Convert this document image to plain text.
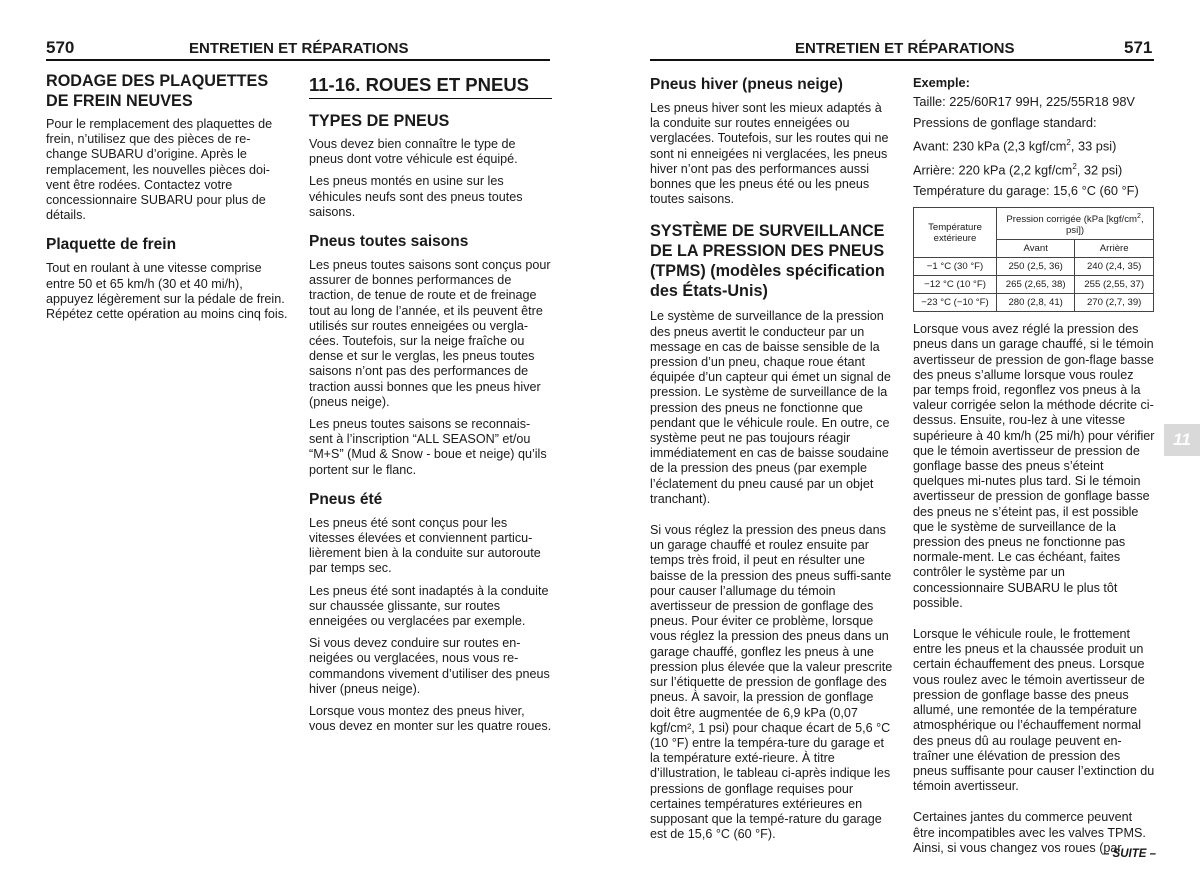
570	ENTRETIEN ET RÉPARATIONS	ENTRETIEN ET RÉPARATIONS	571
RODAGE DES PLAQUETTES DE FREIN NEUVES

Pour le remplacement des plaquettes de frein, n’utilisez que des pièces de re-change SUBARU d’origine. Après le remplacement, les nouvelles pièces doi-vent être rodées. Contactez votre concessionnaire SUBARU pour plus de détails.

Plaquette de frein

Tout en roulant à une vitesse comprise entre 50 et 65 km/h (30 et 40 mi/h), appuyez légèrement sur la pédale de frein. Répétez cette opération au moins cinq fois.

11-16. ROUES ET PNEUS
TYPES DE PNEUS

Vous devez bien connaître le type de pneus dont votre véhicule est équipé.

Les pneus montés en usine sur les véhicules neufs sont des pneus toutes saisons.

Pneus toutes saisons

Les pneus toutes saisons sont conçus pour assurer de bonnes performances de traction, de tenue de route et de freinage tout au long de l’année, et ils peuvent être utilisés sur routes enneigées ou vergla-cées. Toutefois, sur la neige fraîche ou dense et sur le verglas, les pneus toutes saisons n’ont pas des performances de traction aussi bonnes que les pneus hiver (pneus neige).

Les pneus toutes saisons se reconnais-sent à l’inscription “ALL SEASON” et/ou “M+S” (Mud & Snow - boue et neige) qu’ils portent sur le flanc.

Pneus été

Les pneus été sont conçus pour les vitesses élevées et conviennent particu-lièrement bien à la conduite sur autoroute par temps sec.

Les pneus été sont inadaptés à la conduite sur chaussée glissante, sur routes enneigées ou verglacées par exemple.

Si vous devez conduire sur routes en-neigées ou verglacées, nous vous re-commandons vivement d’utiliser des pneus hiver (pneus neige).

Lorsque vous montez des pneus hiver, vous devez en monter sur les quatre roues.

Pneus hiver (pneus neige)

Les pneus hiver sont les mieux adaptés à la conduite sur routes enneigées ou verglacées. Toutefois, sur les routes qui ne sont ni enneigées ni verglacées, les pneus hiver n’ont pas des performances aussi bonnes que les pneus été ou les pneus toutes saisons.

SYSTÈME DE SURVEILLANCE DE LA PRESSION DES PNEUS (TPMS) (modèles spécification des États-Unis)

Le système de surveillance de la pression des pneus avertit le conducteur par un message en cas de baisse sensible de la pression d’un pneu, chaque roue étant équipée d’un capteur qui émet un signal de pression. Le système de surveillance de la pression des pneus ne fonctionne que pendant que le véhicule roule. En outre, ce système peut ne pas toujours réagir immédiatement en cas de baisse soudaine de la pression des pneus (par exemple l’éclatement du pneu causé par un objet tranchant).

Si vous réglez la pression des pneus dans un garage chauffé et roulez ensuite par temps très froid, il peut en résulter une baisse de la pression des pneus suffi-sante pour causer l’allumage du témoin avertisseur de pression de gonflage des pneus. Pour éviter ce problème, lorsque vous réglez la pression des pneus dans un garage chauffé, gonflez les pneus à une pression plus élevée que la valeur prescrite sur l’étiquette de pression de gonflage des pneus. À savoir, la pression de gonflage doit être augmentée de 6,9 kPa (0,07 kgf/cm², 1 psi) pour chaque écart de 5,6 °C (10 °F) entre la tempéra-ture du garage et la température exté-rieure. À titre d’illustration, le tableau ci-après indique les pressions de gonflage requises pour certaines températures extérieures en supposant que la tempé-rature du garage est de 15,6 °C (60 °F).

Exemple:
Taille: 225/60R17 99H, 225/55R18 98V
Pressions de gonflage standard:
Avant: 230 kPa (2,3 kgf/$cm^2$, 33 psi)
Arrière: 220 kPa (2,2 kgf/$cm^2$, 32 psi)
Température du garage: 15,6 °C (60 °F)
Température extérieure	Pression corrigée (kPa [$kgf/cm^2$, psi])	
	Avant	Arrière
−1 °C (30 °F)	250 (2,5, 36)	240 (2,4, 35)
−12 °C (10 °F)	265 (2,65, 38)	255 (2,55, 37)
−23 °C (−10 °F)	280 (2,8, 41)	270 (2,7, 39)

Lorsque vous avez réglé la pression des pneus dans un garage chauffé, si le témoin avertisseur de pression de gon-flage basse des pneus s’allume lorsque vous roulez par temps froid, regonflez vos pneus à la valeur corrigée selon la méthode décrite ci-dessus. Ensuite, rou-lez à une vitesse supérieure à 40 km/h (25 mi/h) pour vérifier que le témoin avertisseur de pression de gonflage basse des pneus s’éteint quelques mi-nutes plus tard. Si le témoin avertisseur de pression de gonflage basse des pneus ne s’éteint pas, il est possible que le système de surveillance de la pression des pneus ne fonctionne pas normale-ment. Le cas échéant, faites contrôler le système par un concessionnaire SUBARU le plus tôt possible.

Lorsque le véhicule roule, le frottement entre les pneus et la chaussée produit un certain échauffement des pneus. Lorsque vous roulez avec le témoin avertisseur de pression de gonflage basse des pneus allumé, une remontée de la température atmosphérique ou l’échauffement normal des pneus dû au roulage peuvent en-traîner une élévation de pression des pneus suffisante pour causer l’extinction du témoin avertisseur.

Certaines jantes du commerce peuvent être incompatibles avec les valves TPMS. Ainsi, si vous changez vos roues (par

11
– SUITE –
